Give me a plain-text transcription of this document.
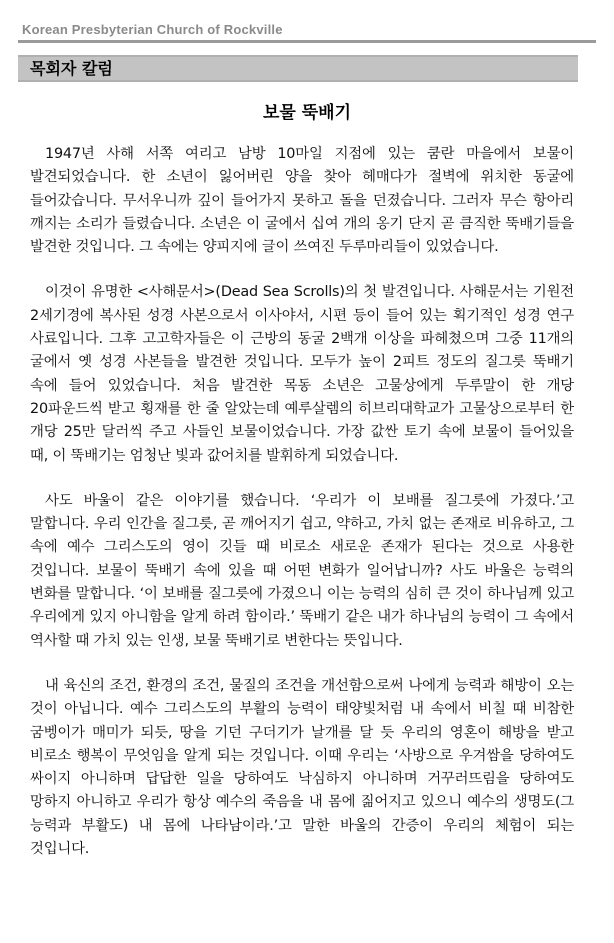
Korean Presbyterian Church of Rockville
목회자 칼럼
보물 뚝배기

1947년 사해 서쪽 여리고 남방 10마일 지점에 있는 쿰란 마을에서 보물이 발견되었습니다. 한 소년이 잃어버린 양을 찾아 헤매다가 절벽에 위치한 동굴에 들어갔습니다. 무서우니까 깊이 들어가지 못하고 돌을 던졌습니다. 그러자 무슨 항아리 깨지는 소리가 들렸습니다. 소년은 이 굴에서 십여 개의 옹기 단지 곧 큼직한 뚝배기들을 발견한 것입니다. 그 속에는 양피지에 글이 쓰여진 두루마리들이 있었습니다.

이것이 유명한 <사해문서>(Dead Sea Scrolls)의 첫 발견입니다. 사해문서는 기원전 2세기경에 복사된 성경 사본으로서 이사야서, 시편 등이 들어 있는 획기적인 성경 연구 사료입니다. 그후 고고학자들은 이 근방의 동굴 2백개 이상을 파헤쳤으며 그중 11개의 굴에서 옛 성경 사본들을 발견한 것입니다. 모두가 높이 2피트 정도의 질그릇 뚝배기 속에 들어 있었습니다. 처음 발견한 목동 소년은 고물상에게 두루말이 한 개당 20파운드씩 받고 횡재를 한 줄 알았는데 예루살렘의 히브리대학교가 고물상으로부터 한 개당 25만 달러씩 주고 사들인 보물이었습니다. 가장 값싼 토기 속에 보물이 들어있을 때, 이 뚝배기는 엄청난 빛과 값어치를 발휘하게 되었습니다.

사도 바울이 같은 이야기를 했습니다. ‘우리가 이 보배를 질그릇에 가졌다.’고 말합니다. 우리 인간을 질그릇, 곧 깨어지기 쉽고, 약하고, 가치 없는 존재로 비유하고, 그 속에 예수 그리스도의 영이 깃들 때 비로소 새로운 존재가 된다는 것으로 사용한 것입니다. 보물이 뚝배기 속에 있을 때 어떤 변화가 일어납니까? 사도 바울은 능력의 변화를 말합니다. ‘이 보배를 질그릇에 가졌으니 이는 능력의 심히 큰 것이 하나님께 있고 우리에게 있지 아니함을 알게 하려 함이라.’ 뚝배기 같은 내가 하나님의 능력이 그 속에서 역사할 때 가치 있는 인생, 보물 뚝배기로 변한다는 뜻입니다.

내 육신의 조건, 환경의 조건, 물질의 조건을 개선함으로써 나에게 능력과 해방이 오는 것이 아닙니다. 예수 그리스도의 부활의 능력이 태양빛처럼 내 속에서 비칠 때 비참한 굼벵이가 매미가 되듯, 땅을 기던 구더기가 날개를 달 듯 우리의 영혼이 해방을 받고 비로소 행복이 무엇임을 알게 되는 것입니다. 이때 우리는 ‘사방으로 우겨쌈을 당하여도 싸이지 아니하며 답답한 일을 당하여도 낙심하지 아니하며 거꾸러뜨림을 당하여도 망하지 아니하고 우리가 항상 예수의 죽음을 내 몸에 짊어지고 있으니 예수의 생명도(그 능력과 부활도) 내 몸에 나타남이라.’고 말한 바울의 간증이 우리의 체험이 되는 것입니다.
